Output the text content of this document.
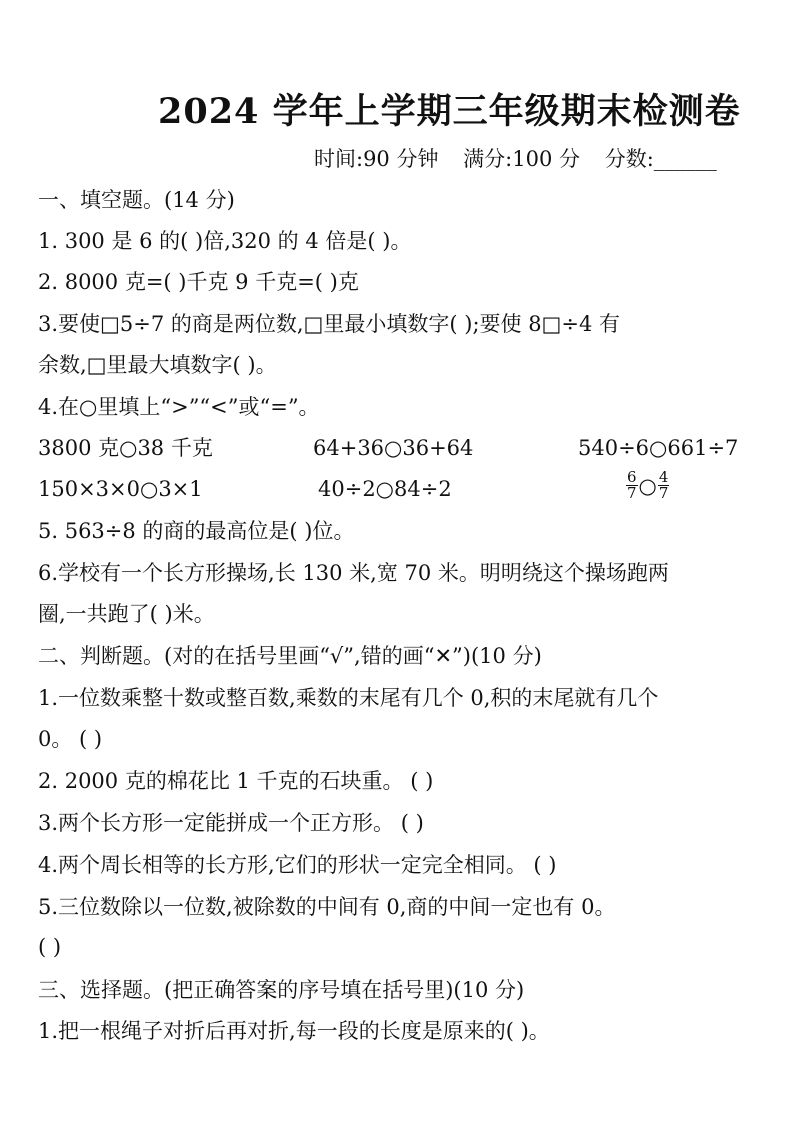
2024 学年上学期三年级期末检测卷
时间:90 分钟 满分:100 分 分数:______
一、填空题。(14 分)
1. 300 是 6 的( )倍,320 的 4 倍是( )。
2. 8000 克=( )千克 9 千克=( )克
3.要使□5÷7 的商是两位数,□里最小填数字( );要使 8□÷4 有
余数,□里最大填数字( )。
4.在○里填上“>”“<”或“=”。
3800 克○38 千克	64+36○36+64	540÷6○661÷7
150×3×0○3×1	40÷2○84÷2	$\frac{6}{7}$ ○ $\frac{4}{7}$
5. 563÷8 的商的最高位是( )位。
6.学校有一个长方形操场,长 130 米,宽 70 米。明明绕这个操场跑两
圈,一共跑了( )米。
二、判断题。(对的在括号里画“√”,错的画“✕”)(10 分)
1.一位数乘整十数或整百数,乘数的末尾有几个 0,积的末尾就有几个
0。 ( )
2. 2000 克的棉花比 1 千克的石块重。 ( )
3.两个长方形一定能拼成一个正方形。 ( )
4.两个周长相等的长方形,它们的形状一定完全相同。 ( )
5.三位数除以一位数,被除数的中间有 0,商的中间一定也有 0。
( )
三、选择题。(把正确答案的序号填在括号里)(10 分)
1.把一根绳子对折后再对折,每一段的长度是原来的( )。
